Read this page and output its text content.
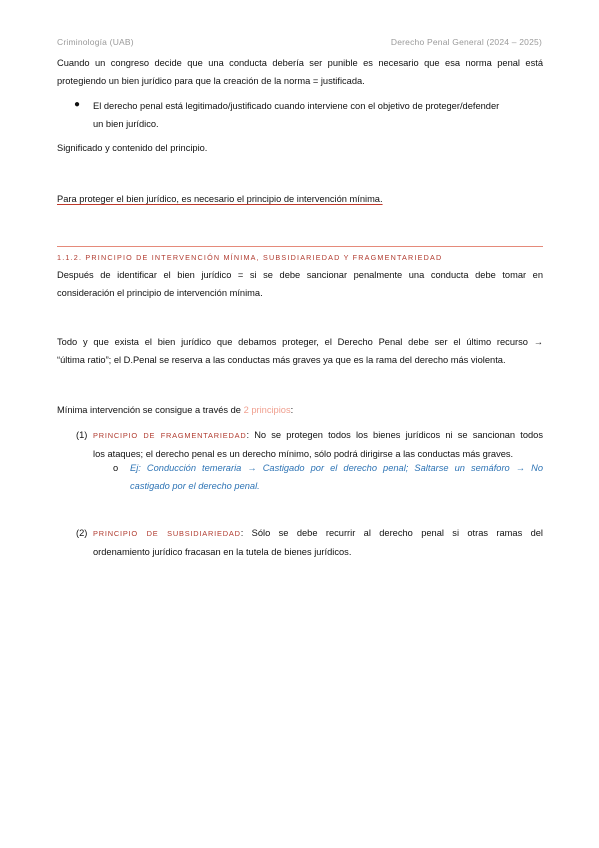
Criminología (UAB)	Derecho Penal General (2024 – 2025)
Cuando un congreso decide que una conducta debería ser punible es necesario que esa norma penal está
protegiendo un bien jurídico para que la creación de la norma = justificada.
● El derecho penal está legitimado/justificado cuando interviene con el objetivo de proteger/defender
un bien jurídico.
Significado y contenido del principio.
Para proteger el bien jurídico, es necesario el principio de intervención mínima.
1.1.2. PRINCIPIO DE INTERVENCIÓN MÍNIMA, SUBSIDIARIEDAD Y FRAGMENTARIEDAD
Después de identificar el bien jurídico = si se debe sancionar penalmente una conducta debe tomar en
consideración el principio de intervención mínima.
Todo y que exista el bien jurídico que debamos proteger, el Derecho Penal debe ser el último recurso →
“última ratio”; el D.Penal se reserva a las conductas más graves ya que es la rama del derecho más violenta.
Mínima intervención se consigue a través de 2 principios:
(1) PRINCIPIO DE FRAGMENTARIEDAD: No se protegen todos los bienes jurídicos ni se sancionan todos
los ataques; el derecho penal es un derecho mínimo, sólo podrá dirigirse a las conductas más graves.
o Ej: Conducción temeraria → Castigado por el derecho penal; Saltarse un semáforo → No
castigado por el derecho penal.
(2) PRINCIPIO DE SUBSIDIARIEDAD: Sólo se debe recurrir al derecho penal si otras ramas del
ordenamiento jurídico fracasan en la tutela de bienes jurídicos.
